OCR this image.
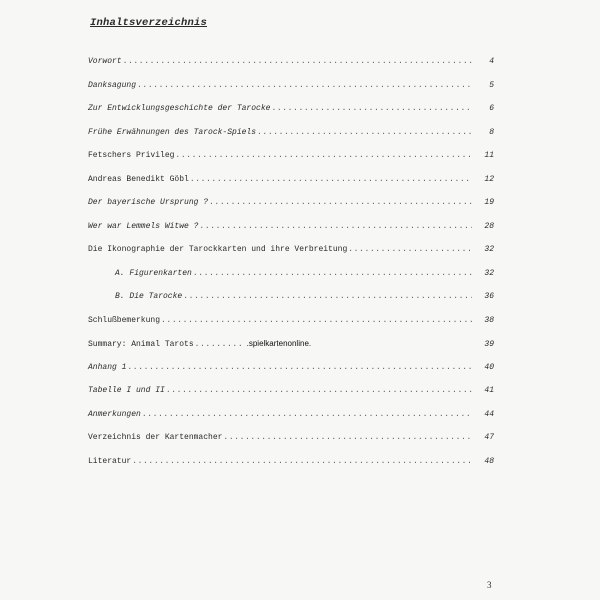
Inhaltsverzeichnis
Vorwort .....	4
Danksagung .....	5
Zur Entwicklungsgeschichte der Tarocke .....	6
Frühe Erwähnungen des Tarock-Spiels .....	8
Fetschers Privileg .....	11
Andreas Benedikt Göbl .....	12
Der bayerische Ursprung ? .....	19
Wer war Lemmels Witwe ? .....	28
Die Ikonographie der Tarockkarten und ihre Verbreitung .....	32
A. Figurenkarten .....	32
B. Die Tarocke .....	36
Schlußbemerkung .....	38
Summary: Animal Tarots .....	.spielkartenonline.	39
Anhang 1 .....	40
Tabelle I und II .....	41
Anmerkungen .....	44
Verzeichnis der Kartenmacher .....	47
Literatur .....	48
3
